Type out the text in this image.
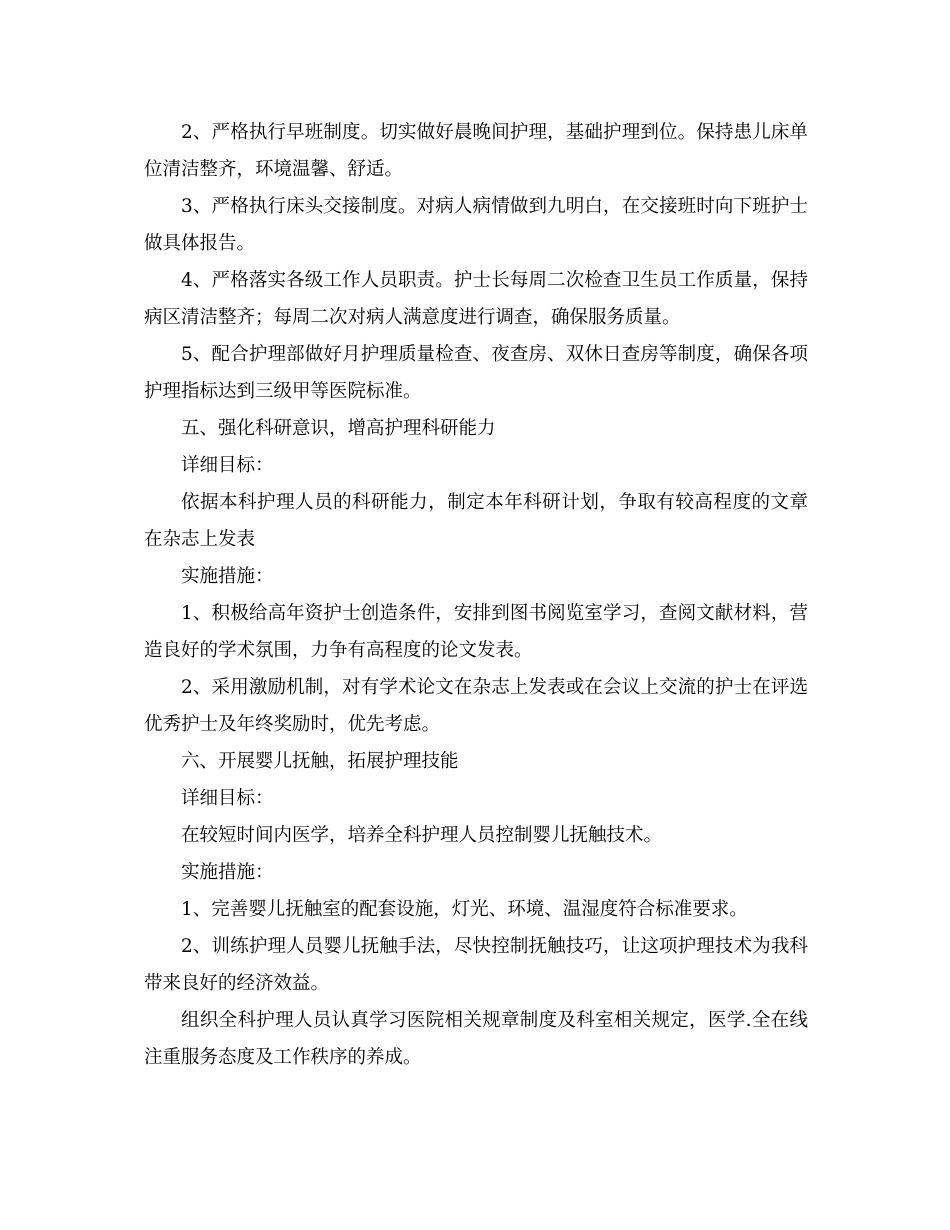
2、严格执行早班制度。切实做好晨晚间护理，基础护理到位。保持患儿床单位清洁整齐，环境温馨、舒适。

3、严格执行床头交接制度。对病人病情做到九明白，在交接班时向下班护士做具体报告。

4、严格落实各级工作人员职责。护士长每周二次检查卫生员工作质量，保持病区清洁整齐；每周二次对病人满意度进行调查，确保服务质量。

5、配合护理部做好月护理质量检查、夜查房、双休日查房等制度，确保各项护理指标达到三级甲等医院标准。

五、强化科研意识，增高护理科研能力

详细目标：

依据本科护理人员的科研能力，制定本年科研计划，争取有较高程度的文章在杂志上发表

实施措施：

1、积极给高年资护士创造条件，安排到图书阅览室学习，查阅文献材料，营造良好的学术氛围，力争有高程度的论文发表。

2、采用激励机制，对有学术论文在杂志上发表或在会议上交流的护士在评选优秀护士及年终奖励时，优先考虑。

六、开展婴儿抚触，拓展护理技能

详细目标：

在较短时间内医学，培养全科护理人员控制婴儿抚触技术。

实施措施：

1、完善婴儿抚触室的配套设施，灯光、环境、温湿度符合标准要求。

2、训练护理人员婴儿抚触手法，尽快控制抚触技巧，让这项护理技术为我科带来良好的经济效益。

组织全科护理人员认真学习医院相关规章制度及科室相关规定，医学.全在线注重服务态度及工作秩序的养成。
